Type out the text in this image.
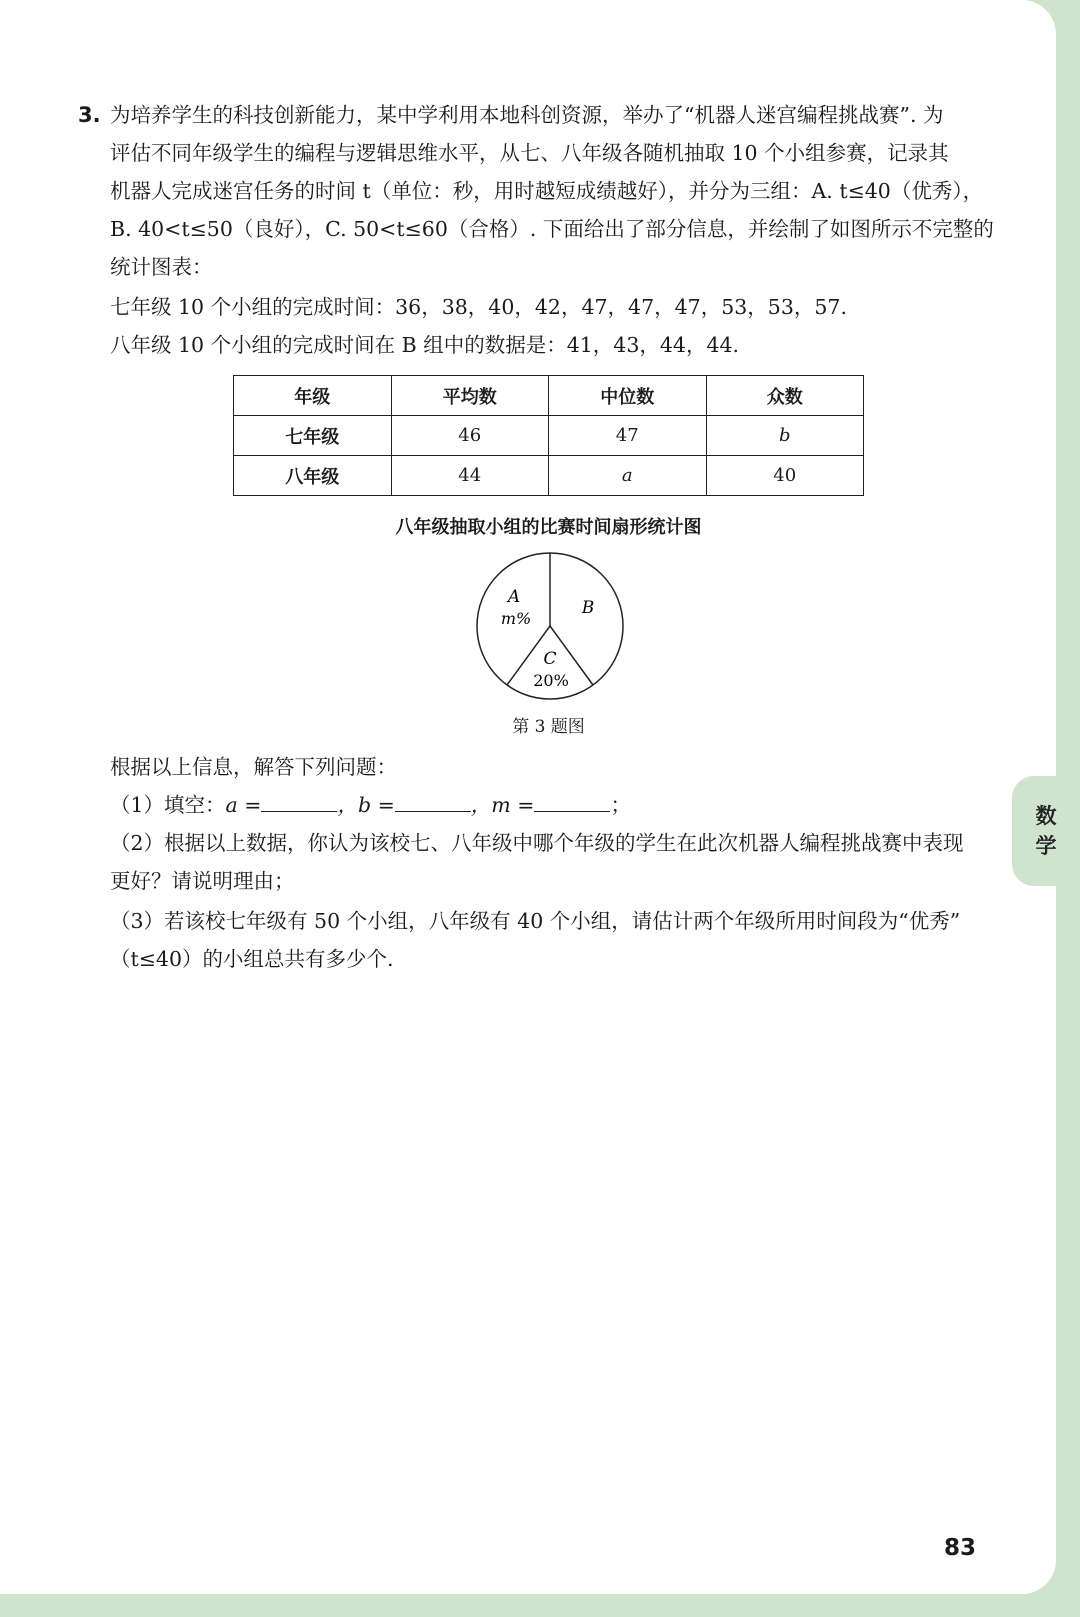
3. 为培养学生的科技创新能力，某中学利用本地科创资源，举办了“机器人迷宫编程挑战赛”. 为
评估不同年级学生的编程与逻辑思维水平，从七、八年级各随机抽取 10 个小组参赛，记录其
机器人完成迷宫任务的时间 t（单位：秒，用时越短成绩越好），并分为三组：A. t≤40（优秀），
B. 40<t≤50（良好），C. 50<t≤60（合格）. 下面给出了部分信息，并绘制了如图所示不完整的
统计图表：
七年级 10 个小组的完成时间：36，38，40，42，47，47，47，53，53，57.
八年级 10 个小组的完成时间在 B 组中的数据是：41，43，44，44.
年级	平均数	中位数	众数
七年级	46	47	b
八年级	44	a	40
八年级抽取小组的比赛时间扇形统计图
A
m%
B
C
20%
第 3 题图
根据以上信息，解答下列问题：
（1）填空：a =	，b =	，m =	；
（2）根据以上数据，你认为该校七、八年级中哪个年级的学生在此次机器人编程挑战赛中表现
更好？请说明理由；
（3）若该校七年级有 50 个小组，八年级有 40 个小组，请估计两个年级所用时间段为“优秀”
（t≤40）的小组总共有多少个.
83
数
学
